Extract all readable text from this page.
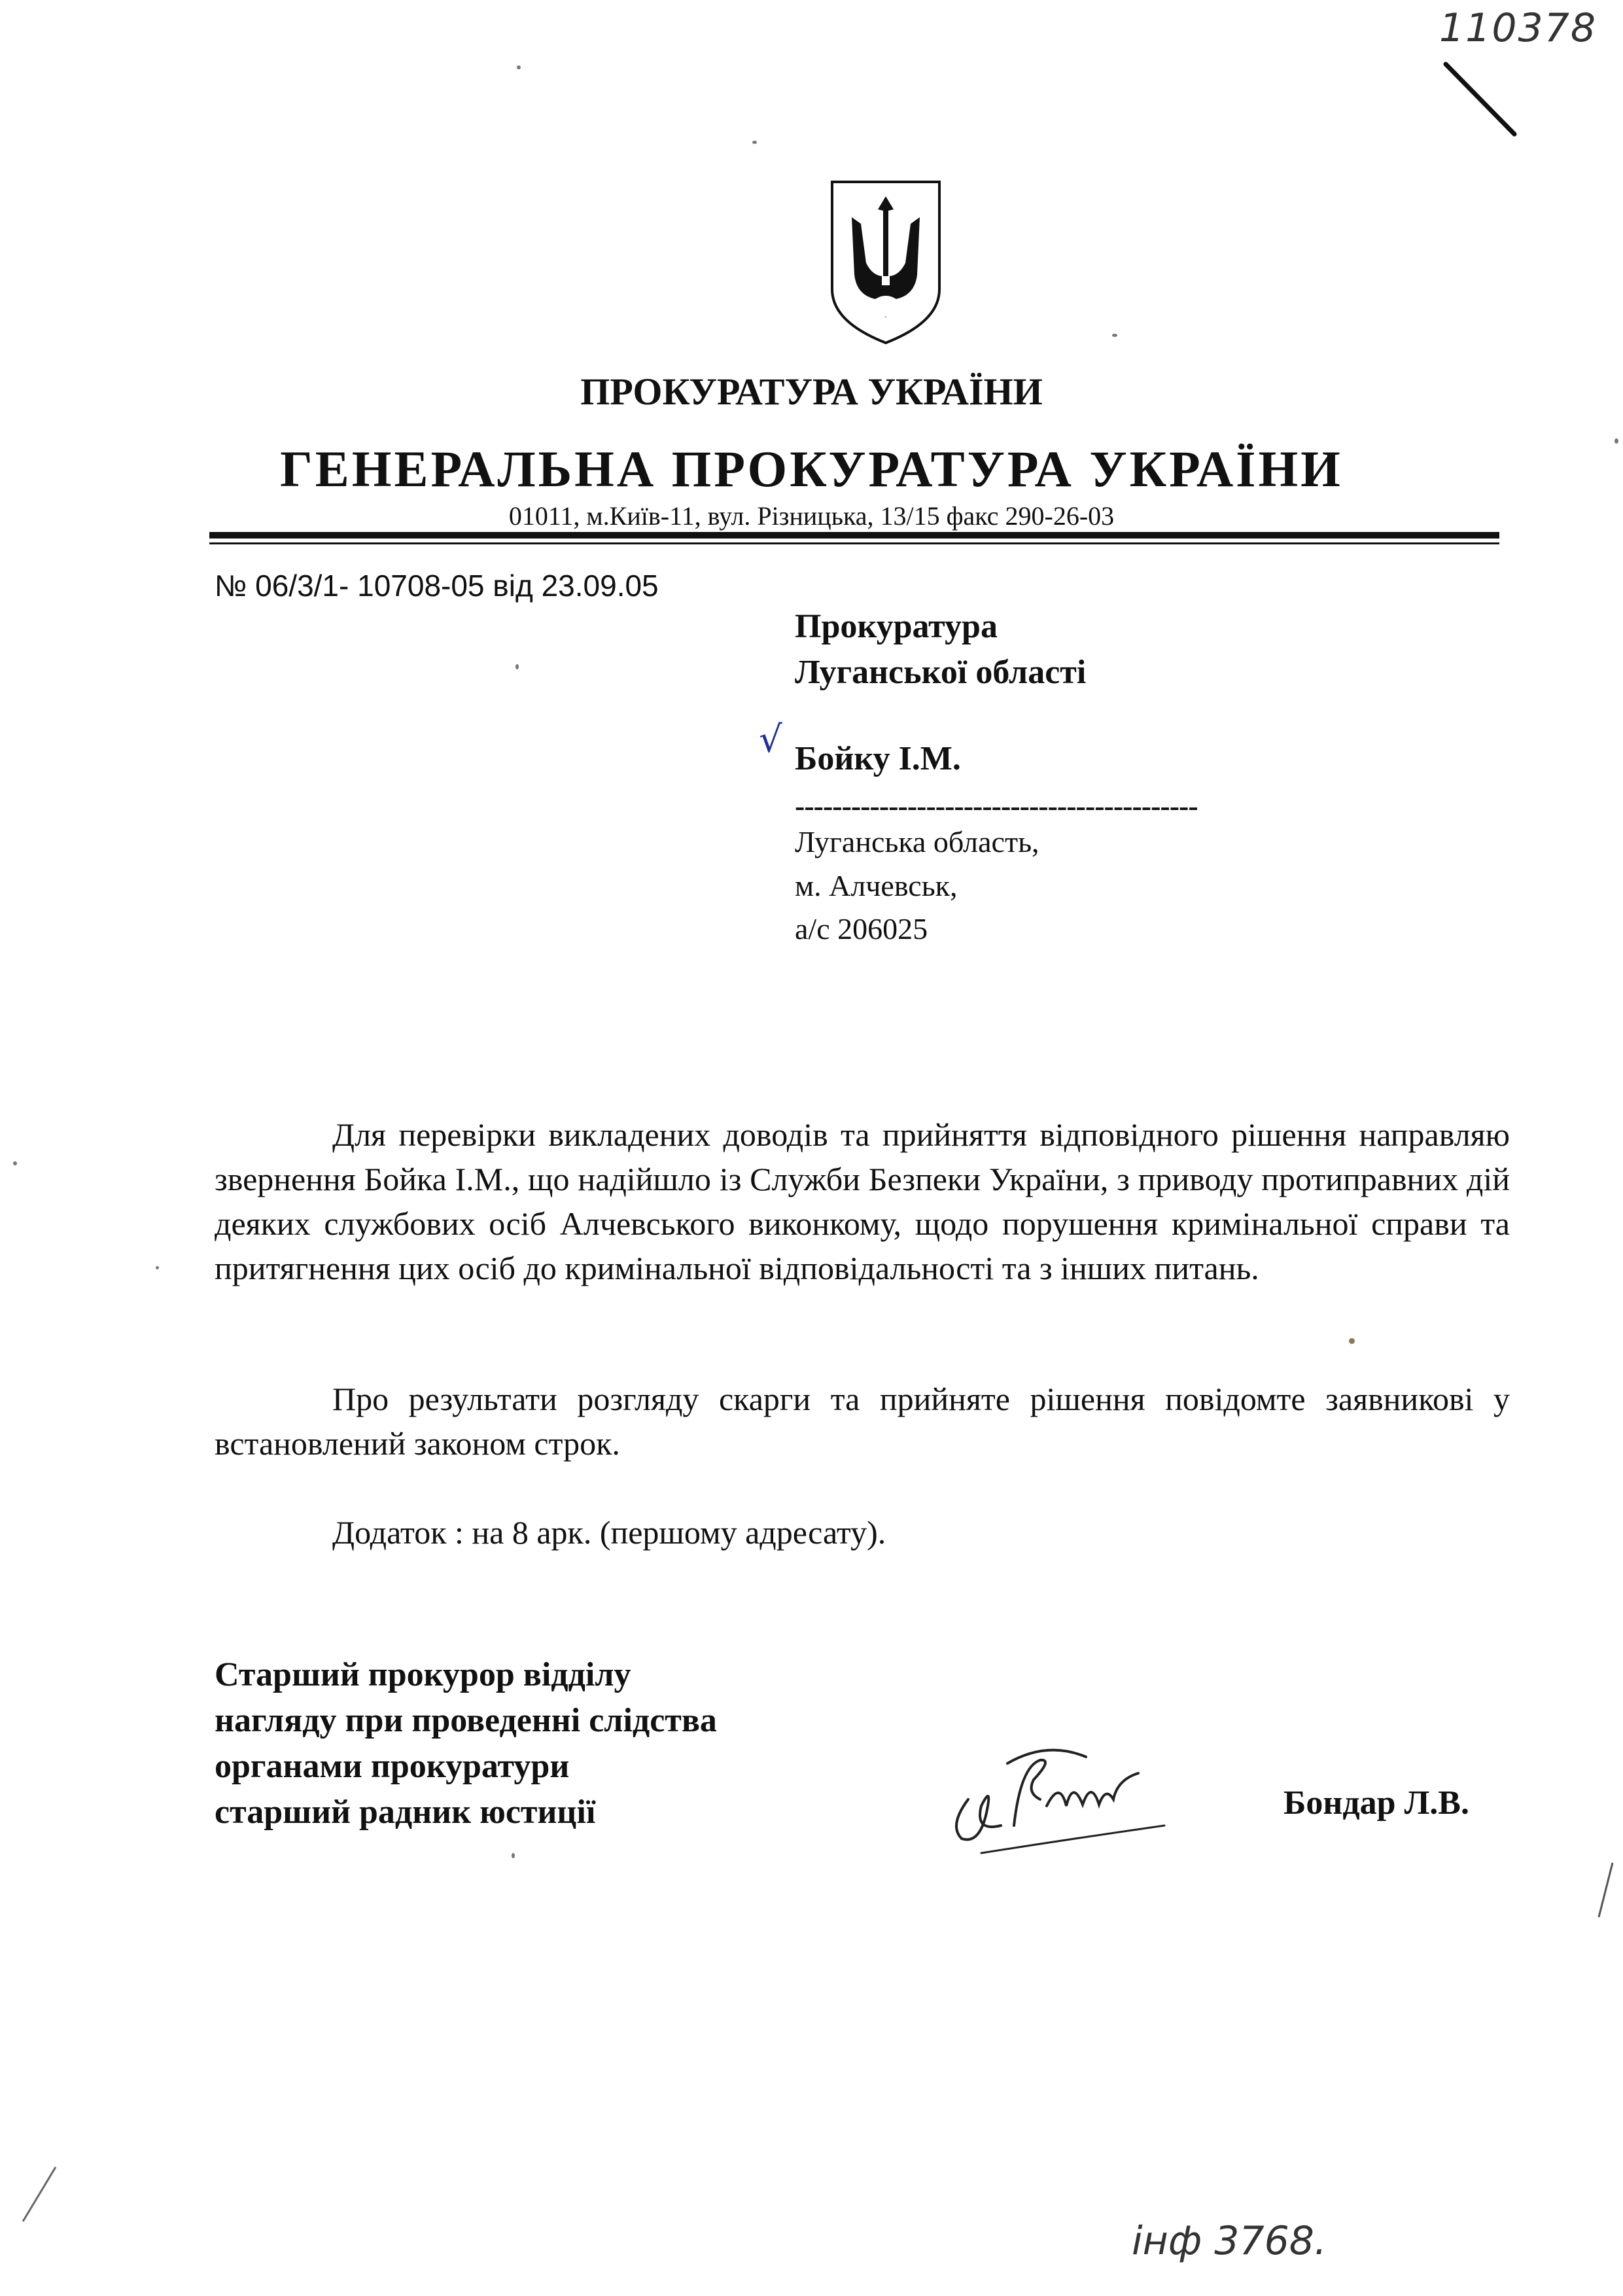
110378
ПРОКУРАТУРА УКРАЇНИ
ГЕНЕРАЛЬНА ПРОКУРАТУРА УКРАЇНИ
01011, м.Київ-11, вул. Різницька, 13/15 факс 290-26-03
№ 06/3/1- 10708-05 від 23.09.05
Прокуратура
Луганської області
√ Бойку І.М.
-------------------------------------------
Луганська область,
м. Алчевськ,
а/с 206025
Для перевірки викладених доводів та прийняття відповідного рішення направляю звернення Бойка І.М., що надійшло із Служби Безпеки України, з приводу протиправних дій деяких службових осіб Алчевського виконкому, щодо порушення кримінальної справи та притягнення цих осіб до кримінальної відповідальності та з інших питань.
Про результати розгляду скарги та прийняте рішення повідомте заявникові у встановлений законом строк.
Додаток : на 8 арк. (першому адресату).
Старший прокурор відділу
нагляду при проведенні слідства
органами прокуратури
старший радник юстиції	Бондар Л.В.
інф 3768.
